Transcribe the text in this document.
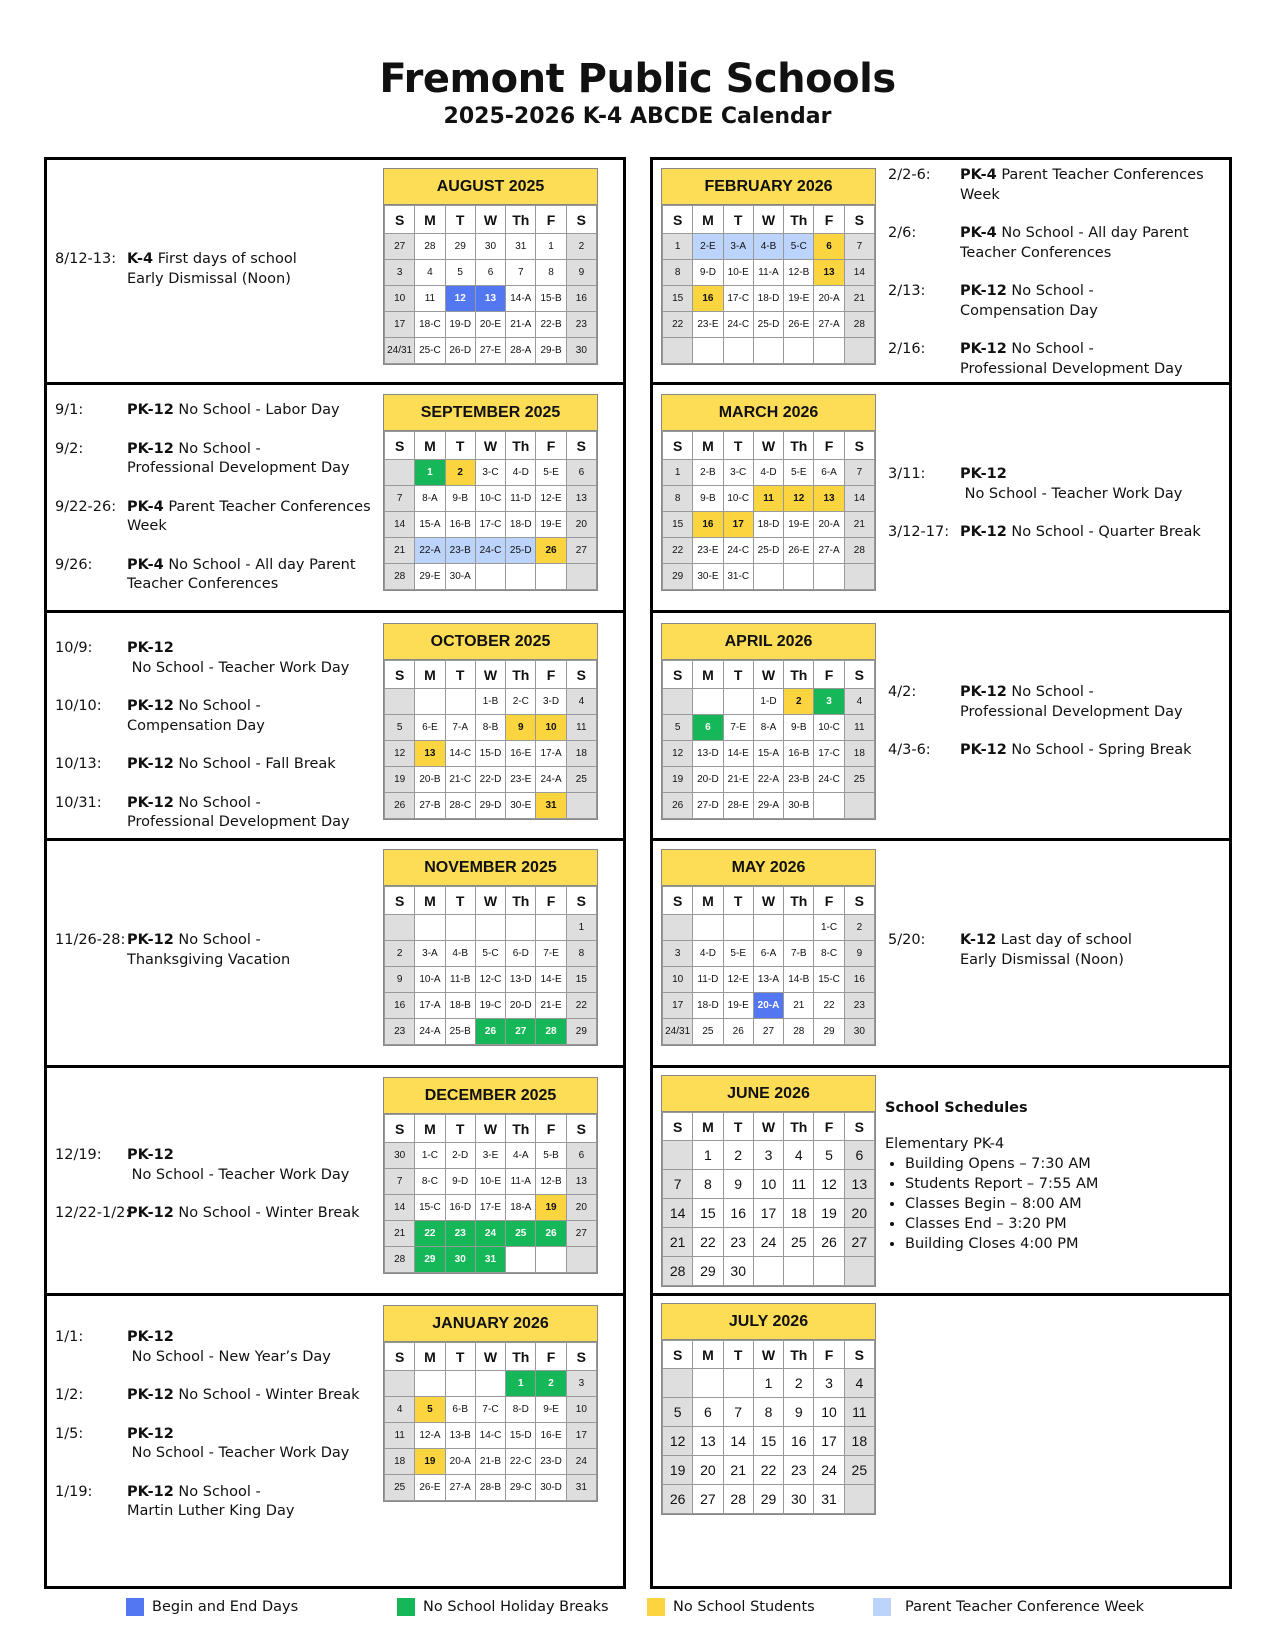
Fremont Public Schools
2025-2026 K-4 ABCDE Calendar
8/12-13: K-4 First days of school
Early Dismissal (Noon)
AUGUST 2025
S	M	T	W	Th	F	S
27	28	29	30	31	1	2
3	4	5	6	7	8	9
10	11	12	13	14-A	15-B	16
17	18-C	19-D	20-E	21-A	22-B	23
24/31	25-C	26-D	27-E	28-A	29-B	30
9/1:	PK-12 No School - Labor Day
9/2:	PK-12 No School -
Professional Development Day
9/22-26: PK-4 Parent Teacher Conferences
Week
9/26:	PK-4 No School - All day Parent
Teacher Conferences
SEPTEMBER 2025
S	M	T	W	Th	F	S
	1	2	3-C	4-D	5-E	6
7	8-A	9-B	10-C	11-D	12-E	13
14	15-A	16-B	17-C	18-D	19-E	20
21	22-A	23-B	24-C	25-D	26	27
28	29-E	30-A				
10/9:	PK-12 No School - Teacher Work Day
10/10:	PK-12 No School -
Compensation Day
10/13:	PK-12 No School - Fall Break
10/31:	PK-12 No School -
Professional Development Day
OCTOBER 2025
S	M	T	W	Th	F	S
			1-B	2-C	3-D	4
5	6-E	7-A	8-B	9	10	11
12	13	14-C	15-D	16-E	17-A	18
19	20-B	21-C	22-D	23-E	24-A	25
26	27-B	28-C	29-D	30-E	31	
11/26-28: PK-12 No School -
Thanksgiving Vacation
NOVEMBER 2025
S	M	T	W	Th	F	S
						1
2	3-A	4-B	5-C	6-D	7-E	8
9	10-A	11-B	12-C	13-D	14-E	15
16	17-A	18-B	19-C	20-D	21-E	22
23	24-A	25-B	26	27	28	29
12/19:	PK-12 No School - Teacher Work Day
12/22-1/2:
PK-12 No School - Winter Break
DECEMBER 2025
S	M	T	W	Th	F	S
30	1-C	2-D	3-E	4-A	5-B	6
7	8-C	9-D	10-E	11-A	12-B	13
14	15-C	16-D	17-E	18-A	19	20
21	22	23	24	25	26	27
28	29	30	31			
1/1:	PK-12 No School - New Year’s Day
1/2:	PK-12 No School - Winter Break
1/5:	PK-12 No School - Teacher Work Day
1/19:	PK-12 No School -
Martin Luther King Day
JANUARY 2026
S	M	T	W	Th	F	S
				1	2	3
4	5	6-B	7-C	8-D	9-E	10
11	12-A	13-B	14-C	15-D	16-E	17
18	19	20-A	21-B	22-C	23-D	24
25	26-E	27-A	28-B	29-C	30-D	31
FEBRUARY 2026
S	M	T	W	Th	F	S
1	2-E	3-A	4-B	5-C	6	7
8	9-D	10-E	11-A	12-B	13	14
15	16	17-C	18-D	19-E	20-A	21
22	23-E	24-C	25-D	26-E	27-A	28

2/2-6:	PK-4 Parent Teacher Conferences
Week
2/6:	PK-4 No School - All day Parent
Teacher Conferences
2/13:	PK-12 No School -
Compensation Day
2/16:	PK-12 No School -
Professional Development Day
MARCH 2026
S	M	T	W	Th	F	S
1	2-B	3-C	4-D	5-E	6-A	7
8	9-B	10-C	11	12	13	14
15	16	17	18-D	19-E	20-A	21
22	23-E	24-C	25-D	26-E	27-A	28
29	30-E	31-C				
3/11:	PK-12 No School - Teacher Work Day
3/12-17: PK-12 No School - Quarter Break
APRIL 2026
S	M	T	W	Th	F	S
			1-D	2	3	4
5	6	7-E	8-A	9-B	10-C	11
12	13-D	14-E	15-A	16-B	17-C	18
19	20-D	21-E	22-A	23-B	24-C	25
26	27-D	28-E	29-A	30-B		
4/2:	PK-12 No School -
Professional Development Day
4/3-6:	PK-12 No School - Spring Break
MAY 2026
S	M	T	W	Th	F	S
					1-C	2
3	4-D	5-E	6-A	7-B	8-C	9
10	11-D	12-E	13-A	14-B	15-C	16
17	18-D	19-E	20-A	21	22	23
24/31	25	26	27	28	29	30
5/20:	K-12 Last day of school
Early Dismissal (Noon)
JUNE 2026
S	M	T	W	Th	F	S
	1	2	3	4	5	6
7	8	9	10	11	12	13
14	15	16	17	18	19	20
21	22	23	24	25	26	27
28	29	30				
School Schedules
Elementary PK-4
• Building Opens – 7:30 AM
• Students Report – 7:55 AM
• Classes Begin – 8:00 AM
• Classes End – 3:20 PM
• Building Closes 4:00 PM
JULY 2026
S	M	T	W	Th	F	S
			1	2	3	4
5	6	7	8	9	10	11
12	13	14	15	16	17	18
19	20	21	22	23	24	25
26	27	28	29	30	31	
Begin and End Days	No School Holiday Breaks	No School Students	Parent Teacher Conference Week
